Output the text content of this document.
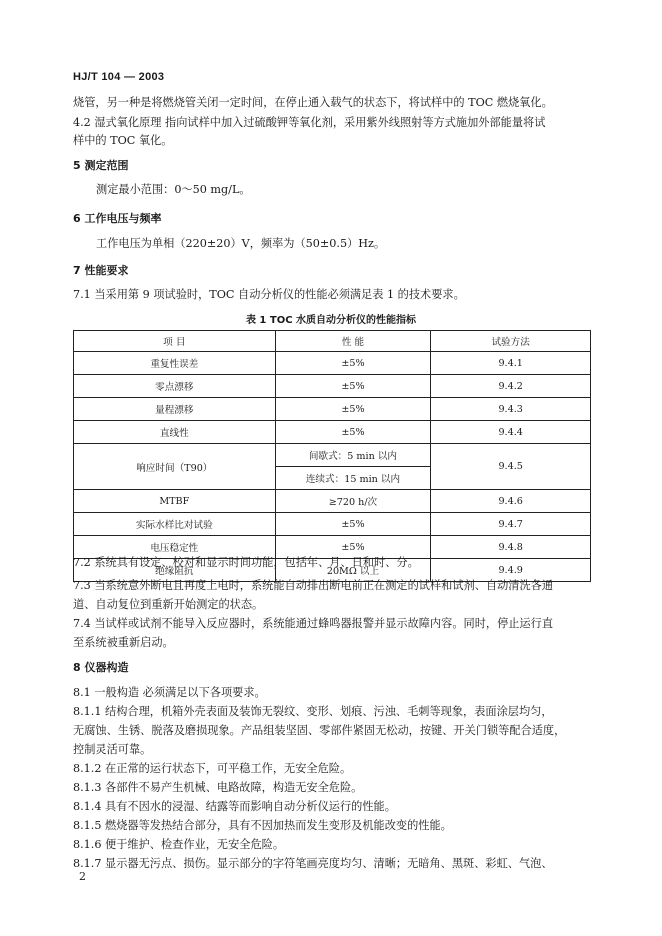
HJ/T 104 — 2003
烧管，另一种是将燃烧管关闭一定时间，在停止通入载气的状态下，将试样中的 TOC 燃烧氧化。
4.2 湿式氧化原理 指向试样中加入过硫酸钾等氧化剂，采用紫外线照射等方式施加外部能量将试
样中的 TOC 氧化。
5 测定范围
测定最小范围：0～50 mg/L。
6 工作电压与频率
工作电压为单相（220±20）V，频率为（50±0.5）Hz。
7 性能要求
7.1 当采用第 9 项试验时，TOC 自动分析仪的性能必须满足表 1 的技术要求。
表 1 TOC 水质自动分析仪的性能指标
项 目	性 能	试验方法
重复性误差	±5%	9.4.1
零点漂移	±5%	9.4.2
量程漂移	±5%	9.4.3
直线性	±5%	9.4.4
响应时间（T90）	间歇式：5 min 以内	9.4.5
	连续式：15 min 以内	
MTBF	≥720 h/次	9.4.6
实际水样比对试验	±5%	9.4.7
电压稳定性	±5%	9.4.8
绝缘阻抗	20MΩ 以上	9.4.9
7.2 系统具有设定、校对和显示时间功能，包括年、月、日和时、分。
7.3 当系统意外断电且再度上电时，系统能自动排出断电前正在测定的试样和试剂、自动清洗各通
道、自动复位到重新开始测定的状态。
7.4 当试样或试剂不能导入反应器时，系统能通过蜂鸣器报警并显示故障内容。同时，停止运行直
至系统被重新启动。
8 仪器构造
8.1 一般构造 必须满足以下各项要求。
8.1.1 结构合理，机箱外壳表面及装饰无裂纹、变形、划痕、污浊、毛刺等现象，表面涂层均匀，
无腐蚀、生锈、脱落及磨损现象。产品组装坚固、零部件紧固无松动，按键、开关门锁等配合适度，
控制灵活可靠。
8.1.2 在正常的运行状态下，可平稳工作，无安全危险。
8.1.3 各部件不易产生机械、电路故障，构造无安全危险。
8.1.4 具有不因水的浸湿、结露等而影响自动分析仪运行的性能。
8.1.5 燃烧器等发热结合部分，具有不因加热而发生变形及机能改变的性能。
8.1.6 便于维护、检查作业，无安全危险。
8.1.7 显示器无污点、损伤。显示部分的字符笔画亮度均匀、清晰；无暗角、黑斑、彩虹、气泡、
2
